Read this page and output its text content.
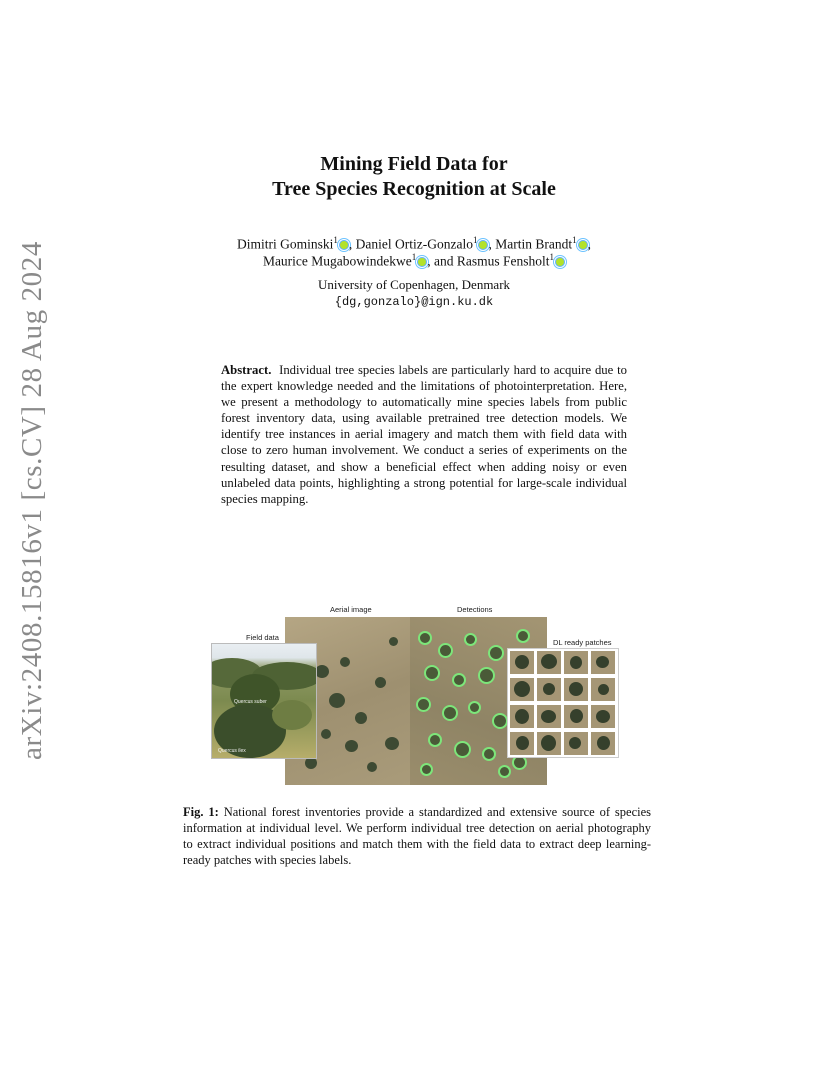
arXiv:2408.15816v1 [cs.CV] 28 Aug 2024
Mining Field Data for
Tree Species Recognition at Scale
Dimitri Gominski$^1$ , Daniel Ortiz-Gonzalo$^1$ , Martin Brandt$^1$ ,
Maurice Mugabowindekwe$^1$ , and Rasmus Fensholt$^1$
University of Copenhagen, Denmark
{dg,gonzalo}@ign.ku.dk
Abstract. Individual tree species labels are particularly hard to acquire due to the expert knowledge needed and the limitations of photointerpretation. Here, we present a methodology to automatically mine species labels from public forest inventory data, using available pretrained tree detection models. We identify tree instances in aerial imagery and match them with field data with close to zero human involvement. We conduct a series of experiments on the resulting dataset, and show a beneficial effect when adding noisy or even unlabeled data points, highlighting a strong potential for large-scale individual species mapping.
Field data
Aerial image	Detections
DL ready patches
Quercus suber
Quercus ilex
Fig. 1: National forest inventories provide a standardized and extensive source of species information at individual level. We perform individual tree detection on aerial photography to extract individual positions and match them with the field data to extract deep learning-ready patches with species labels.
